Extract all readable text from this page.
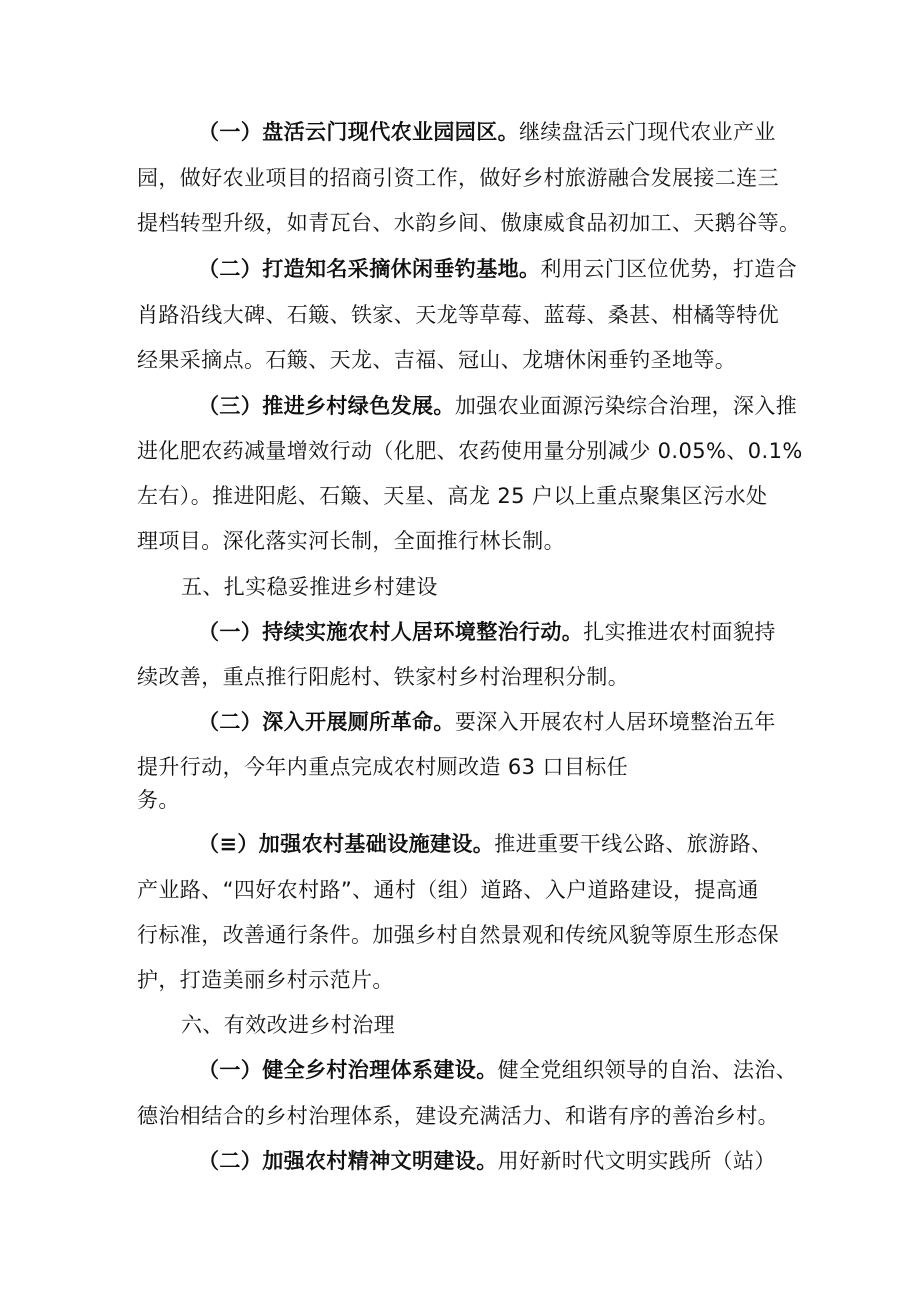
（一）盘活云门现代农业园园区。继续盘活云门现代农业产业
园，做好农业项目的招商引资工作，做好乡村旅游融合发展接二连三
提档转型升级，如青瓦台、水韵乡间、傲康威食品初加工、天鹅谷等。
（二）打造知名采摘休闲垂钓基地。利用云门区位优势，打造合
肖路沿线大碑、石簸、铁家、天龙等草莓、蓝莓、桑甚、柑橘等特优
经果采摘点。石簸、天龙、吉福、冠山、龙塘休闲垂钓圣地等。
（三）推进乡村绿色发展。加强农业面源污染综合治理，深入推
进化肥农药减量增效行动（化肥、农药使用量分别减少 0.05%、0.1%
左右）。推进阳彪、石簸、天星、高龙 25 户以上重点聚集区污水处
理项目。深化落实河长制，全面推行林长制。
五、扎实稳妥推进乡村建设
（一）持续实施农村人居环境整治行动。扎实推进农村面貌持
续改善，重点推行阳彪村、铁家村乡村治理积分制。
（二）深入开展厕所革命。要深入开展农村人居环境整治五年
提升行动，今年内重点完成农村厕改造 63 口目标任
务。
（≡）加强农村基础设施建设。推进重要干线公路、旅游路、
产业路、“四好农村路”、通村（组）道路、入户道路建设，提高通
行标准，改善通行条件。加强乡村自然景观和传统风貌等原生形态保
护，打造美丽乡村示范片。
六、有效改进乡村治理
（一）健全乡村治理体系建设。健全党组织领导的自治、法治、
德治相结合的乡村治理体系，建设充满活力、和谐有序的善治乡村。
（二）加强农村精神文明建设。用好新时代文明实践所（站）
